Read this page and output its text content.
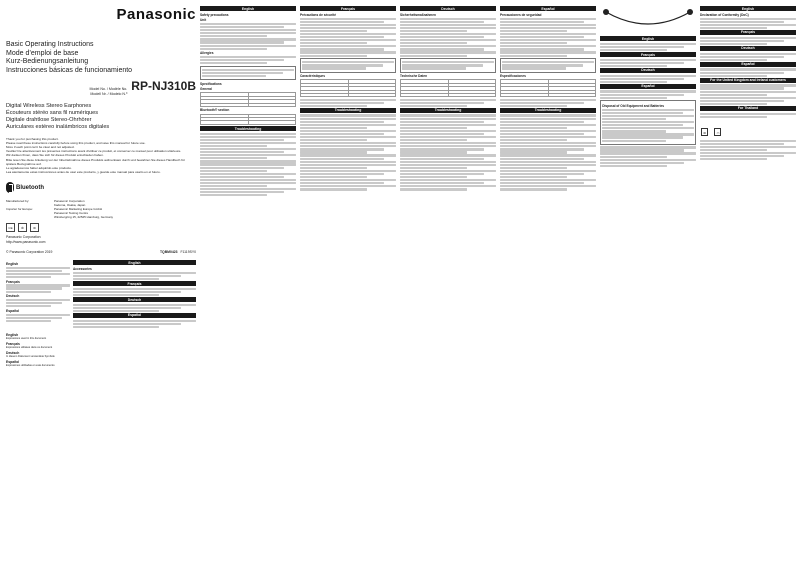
Panasonic
Basic Operating Instructions
Mode d’emploi de base
Kurz-Bedienungsanleitung
Instrucciones básicas de funcionamiento
Model No. / Modèle No.
Modell Nr. / Modelo N.º
RP-NJ310B
Digital Wireless Stereo Earphones
Écouteurs stéréo sans fil numériques
Digitale drahtlose Stereo-Ohrhörer
Auriculares estéreo inalámbricos digitales
Thank you for purchasing this product.
Please read these instructions carefully before using this product, and save this manual for future use.
More if each point can’t be clear and not adjusted.
Veuillez lire attentivement les présentes instructions avant d’utiliser ce produit, et conserver ce manuel pour utilisation ultérieure.
Wir danken Ihnen, dass Sie sich für dieses Produkt entschieden haben.
Bitte lesen Sie diese Anleitung vor der Inbetriebnahme dieses Produkts aufmerksam durch und bewahren Sie dieses Handbuch für spätere Bezugnahme auf.
Le agradecemos haber adquirido este producto.
Lea atentamente estas instrucciones antes de usar este producto, y guarde este manual para usarlo en el futuro.
Bluetooth
Manufactured by:	Panasonic Corporation
Kadoma, Osaka, Japan
Importer for Europe:	Panasonic Marketing Europe GmbH
Panasonic Testing Centre
Winsbergring 15, 22525 Hamburg, Germany
CE	♻	⊠
Panasonic Corporation
http://www.panasonic.com
© Panasonic Corporation 2019	TQBM0423 F1119SY0
English
Français
Deutsch
Español
English
Accessories
Français
Deutsch
Español
English
Expressions used in this document
Français
Expressions utilisées dans ce document
Deutsch
In diesem Dokument verwendete Symbole
Español
Expresiones utilizadas en este documento
English
Safety precautions
Unit
Allergies
Specifications
General

Bluetooth® section

Troubleshooting
Français
Précautions de sécurité
Caractéristiques

Troubleshooting
Deutsch
Sicherheitsmaßnahmen
Technische Daten

Troubleshooting
Español
Precauciones de seguridad
Especificaciones

Troubleshooting
English
Français
Deutsch
Español
Disposal of Old Equipment and Batteries
English
Declaration of Conformity (DoC)
Français
Deutsch
Español
For the United Kingdom and Ireland customers
For Thailand
⊠	▭
